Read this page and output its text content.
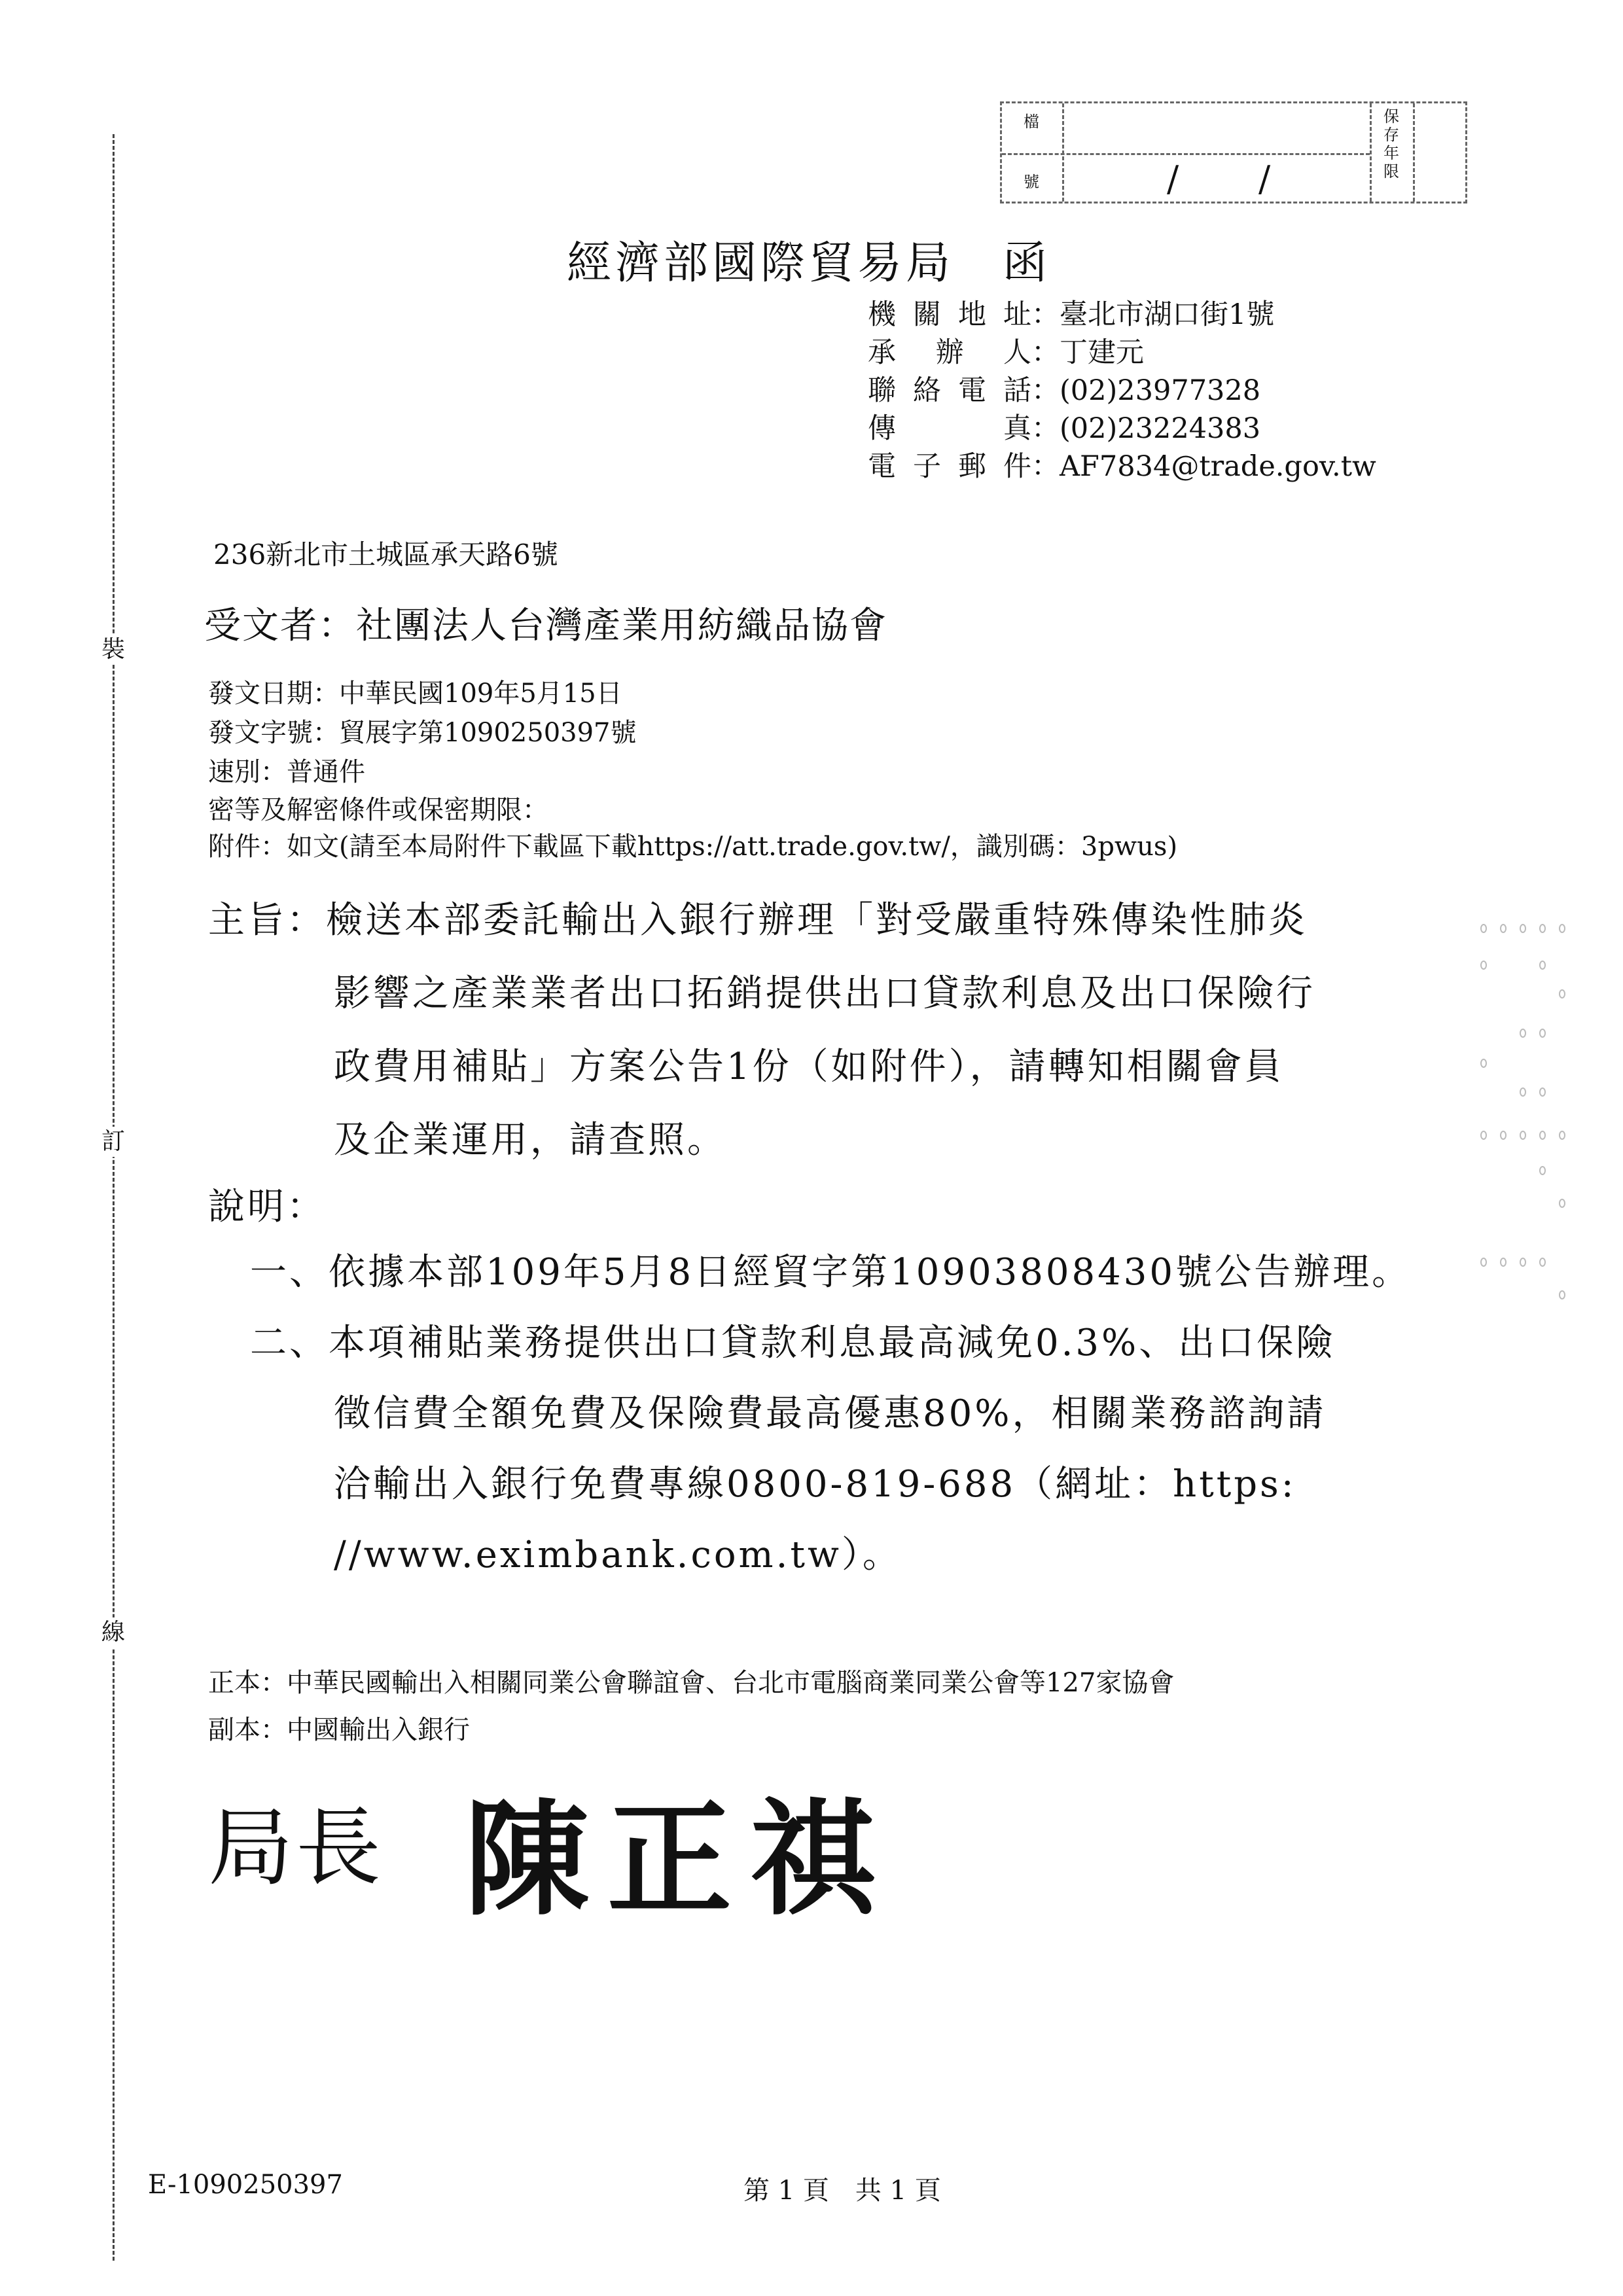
裝
訂
線
檔
號	/ /
保存年限
經濟部國際貿易局　函
機關地址：臺北市湖口街1號
承辦人：丁建元
聯絡電話：(02)23977328
傳真：(02)23224383
電子郵件：AF7834@trade.gov.tw
236新北市土城區承天路6號
受文者：社團法人台灣產業用紡織品協會
發文日期：中華民國109年5月15日
發文字號：貿展字第1090250397號
速別：普通件
密等及解密條件或保密期限：
附件：如文(請至本局附件下載區下載https://att.trade.gov.tw/，識別碼：3pwus)
主旨：檢送本部委託輸出入銀行辦理「對受嚴重特殊傳染性肺炎
影響之產業業者出口拓銷提供出口貸款利息及出口保險行
政費用補貼」方案公告1份（如附件），請轉知相關會員
及企業運用，請查照。
說明：
一、依據本部109年5月8日經貿字第10903808430號公告辦理。
二、本項補貼業務提供出口貸款利息最高減免0.3%、出口保險
徵信費全額免費及保險費最高優惠80%，相關業務諮詢請
洽輸出入銀行免費專線0800-819-688（網址：https:
//www.eximbank.com.tw）。
正本：中華民國輸出入相關同業公會聯誼會、台北市電腦商業同業公會等127家協會
副本：中國輸出入銀行
局長 陳正祺
E-1090250397	第 1 頁　共 1 頁
